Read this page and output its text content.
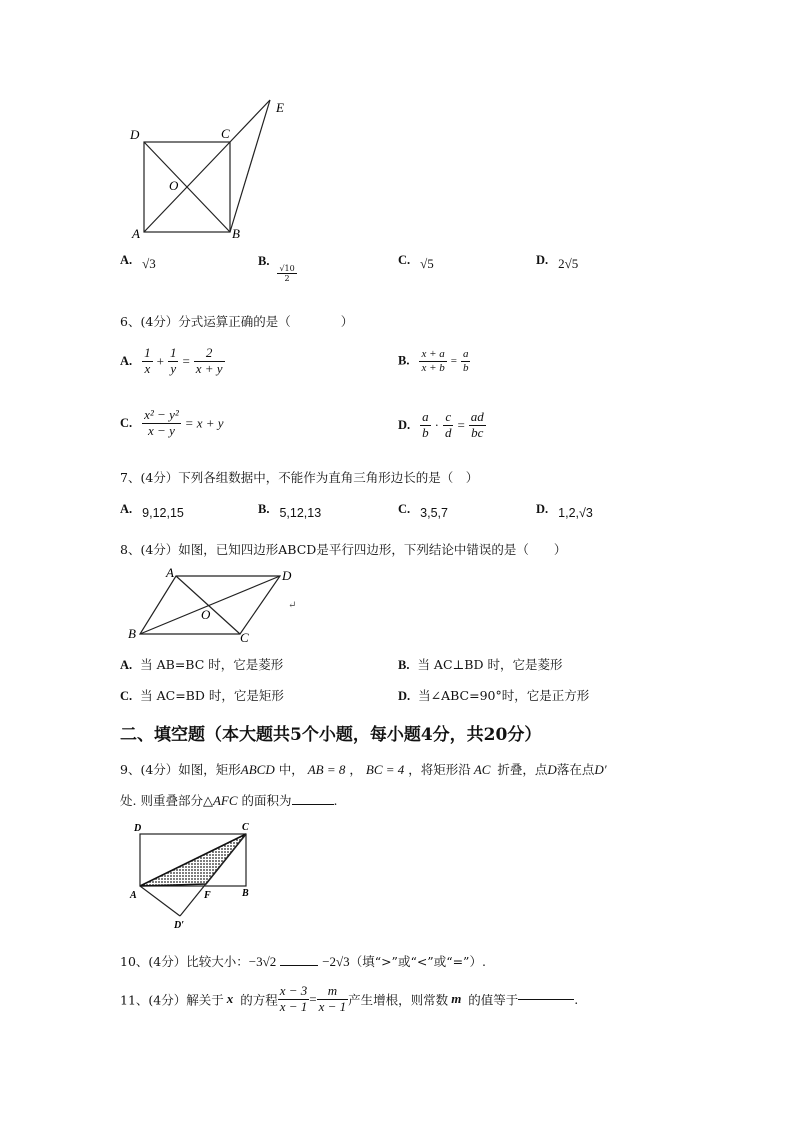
D	C
E
O
A	B
A. √3	B.
$\frac{√10}{2}$
C. √5	D. 2√5
6、(4分）分式运算正确的是（　　　　）
A. $\frac{1}{x} + \frac{1}{y} = \frac{2}{x + y}$	B. $\frac{x + a}{x + b} = \frac{a}{b}$
C. $\frac{\text{x² − y²}}{x - y} = x + y$	D. $\frac{a}{b} \cdot \frac{c}{d} = \frac{ad}{bc}$
7、(4分）下列各组数据中，不能作为直角三角形边长的是（　）
A. 9,12,15	B. 5,12,13	C. 3,5,7	D. 1,2,√3
8、(4分）如图，已知四边形ABCD是平行四边形，下列结论中错误的是（　　）
A	D
O
B	C
↵
A. 当 AB=BC 时，它是菱形	B. 当 AC⊥BD 时，它是菱形
C. 当 AC=BD 时，它是矩形	D. 当∠ABC=90°时，它是正方形
二、填空题（本大题共5个小题，每小题4分，共20分）
9、(4分）如图，矩形ABCD 中， AB = 8 ， BC = 4 ，将矩形沿 AC 折叠，点D落在点D′
处. 则重叠部分△AFC 的面积为	.
D	C
A	F	B
D′
10、(4分）比较大小：−3√2	−2√3（填“>”或“<”或“=”）.
11、(4分）解关于 x 的方程 $\frac{x - 3}{x - 1} = \frac{m}{x - 1}$ 产生增根，则常数 m 的值等于	.
